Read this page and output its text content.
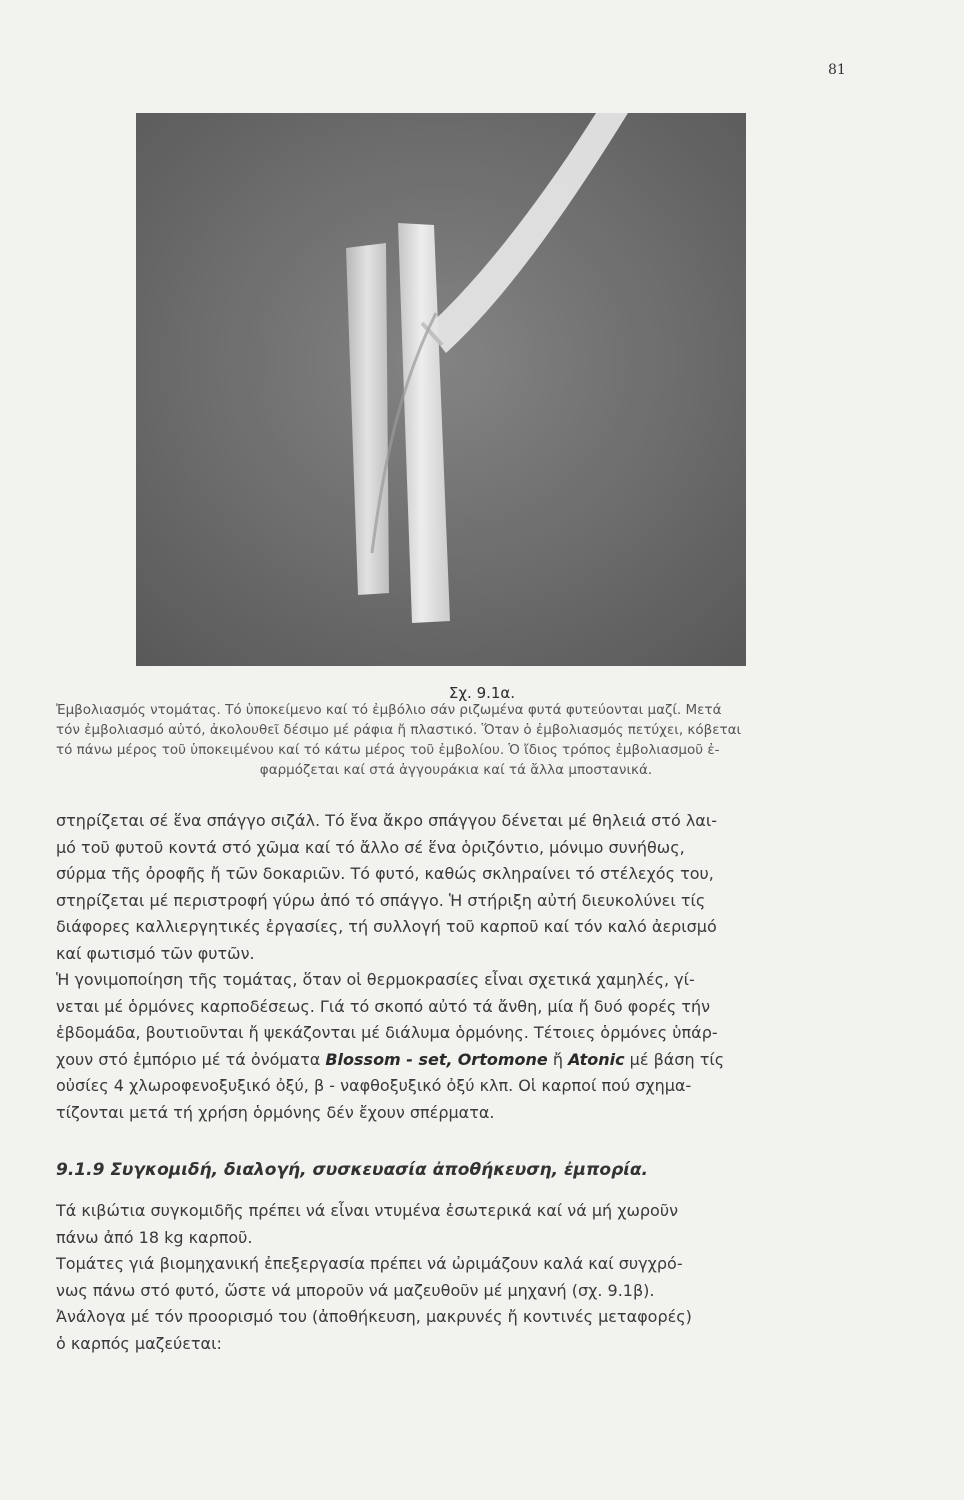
81
Σχ. 9.1α.
Ἐμβολιασμός ντομάτας. Τό ὑποκείμενο καί τό ἐμβόλιο σάν ριζωμένα φυτά φυτεύονται μαζί. Μετά
τόν ἐμβολιασμό αὐτό, ἀκολουθεῖ δέσιμο μέ ράφια ἤ πλαστικό. Ὅταν ὁ ἐμβολιασμός πετύχει, κόβεται
τό πάνω μέρος τοῦ ὑποκειμένου καί τό κάτω μέρος τοῦ ἐμβολίου. Ὁ ἴδιος τρόπος ἐμβολιασμοῦ ἐ-
φαρμόζεται καί στά ἀγγουράκια καί τά ἄλλα μποστανικά.
στηρίζεται σέ ἕνα σπάγγο σιζάλ. Τό ἕνα ἄκρο σπάγγου δένεται μέ θηλειά στό λαι-
μό τοῦ φυτοῦ κοντά στό χῶμα καί τό ἄλλο σέ ἕνα ὁριζόντιο, μόνιμο συνήθως,
σύρμα τῆς ὀροφῆς ἤ τῶν δοκαριῶν. Τό φυτό, καθώς σκληραίνει τό στέλεχός του,
στηρίζεται μέ περιστροφή γύρω ἀπό τό σπάγγο. Ἡ στήριξη αὐτή διευκολύνει τίς
διάφορες καλλιεργητικές ἐργασίες, τή συλλογή τοῦ καρποῦ καί τόν καλό ἀερισμό
καί φωτισμό τῶν φυτῶν.
Ἡ γονιμοποίηση τῆς τομάτας, ὅταν οἱ θερμοκρασίες εἶναι σχετικά χαμηλές, γί-
νεται μέ ὁρμόνες καρποδέσεως. Γιά τό σκοπό αὐτό τά ἄνθη, μία ἤ δυό φορές τήν
ἑβδομάδα, βουτιοῦνται ἤ ψεκάζονται μέ διάλυμα ὁρμόνης. Τέτοιες ὁρμόνες ὑπάρ-
χουν στό ἐμπόριο μέ τά ὀνόματα Blossom - set, Ortomone ἤ Atonic μέ βάση τίς
οὐσίες 4 χλωροφενοξυξικό ὀξύ, β - ναφθοξυξικό ὀξύ κλπ. Οἱ καρποί πού σχημα-
τίζονται μετά τή χρήση ὁρμόνης δέν ἔχουν σπέρματα.
9.1.9 Συγκομιδή, διαλογή, συσκευασία ἀποθήκευση, ἐμπορία.
Τά κιβώτια συγκομιδῆς πρέπει νά εἶναι ντυμένα ἐσωτερικά καί νά μή χωροῦν
πάνω ἀπό 18 kg καρποῦ.
Τομάτες γιά βιομηχανική ἐπεξεργασία πρέπει νά ὠριμάζουν καλά καί συγχρό-
νως πάνω στό φυτό, ὥστε νά μποροῦν νά μαζευθοῦν μέ μηχανή (σχ. 9.1β).
Ἀνάλογα μέ τόν προορισμό του (ἀποθήκευση, μακρυνές ἤ κοντινές μεταφορές)
ὁ καρπός μαζεύεται:
